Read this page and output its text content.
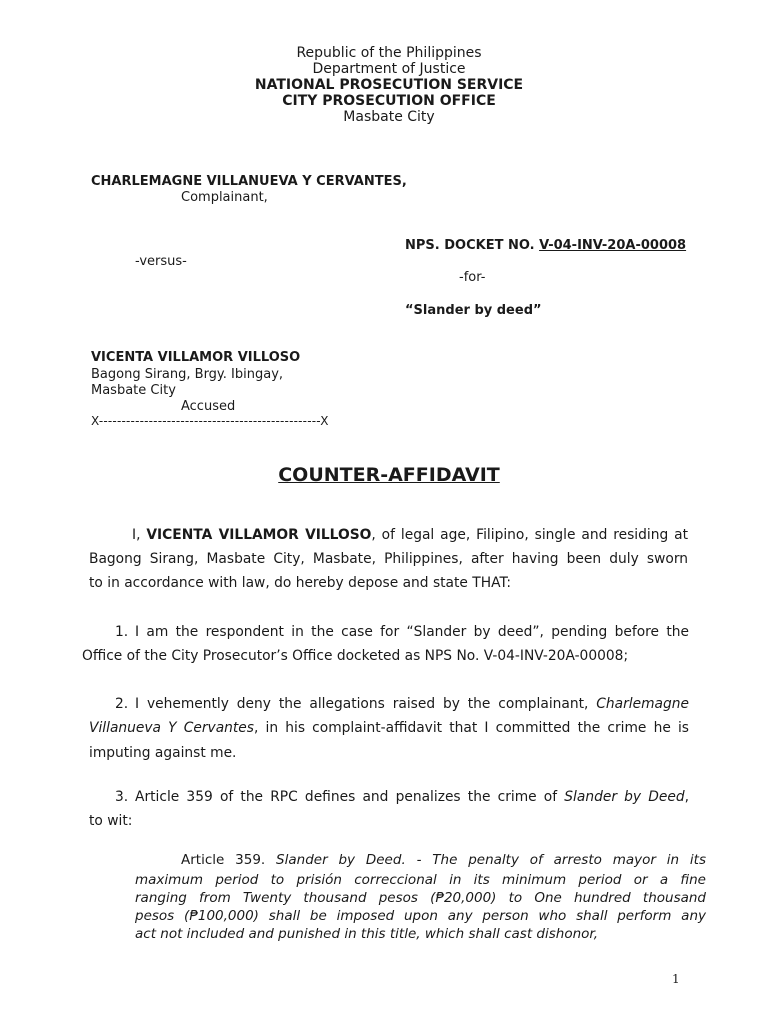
Republic of the Philippines
Department of Justice
NATIONAL PROSECUTION SERVICE
CITY PROSECUTION OFFICE
Masbate City
CHARLEMAGNE VILLANUEVA Y CERVANTES,
Complainant,
NPS. DOCKET NO. V-04-INV-20A-00008
-versus-
-for-
“Slander by deed”
VICENTA VILLAMOR VILLOSO
Bagong Sirang, Brgy. Ibingay,
Masbate City
Accused
X-------------------------------------------------X
COUNTER-AFFIDAVIT
I, VICENTA VILLAMOR VILLOSO, of legal age, Filipino, single and residing at
Bagong Sirang, Masbate City, Masbate, Philippines, after having been duly sworn
to in accordance with law, do hereby depose and state THAT:
1. I am the respondent in the case for “Slander by deed”, pending before the
Office of the City Prosecutor’s Office docketed as NPS No. V-04-INV-20A-00008;
2. I vehemently deny the allegations raised by the complainant, Charlemagne
Villanueva Y Cervantes, in his complaint-affidavit that I committed the crime he is
imputing against me.
3. Article 359 of the RPC defines and penalizes the crime of Slander by Deed,
to wit:
Article 359. Slander by Deed. - The penalty of arresto mayor in its
maximum period to prisión correccional in its minimum period or a fine
ranging from Twenty thousand pesos (₱20,000) to One hundred thousand
pesos (₱100,000) shall be imposed upon any person who shall perform any
act not included and punished in this title, which shall cast dishonor,
1
